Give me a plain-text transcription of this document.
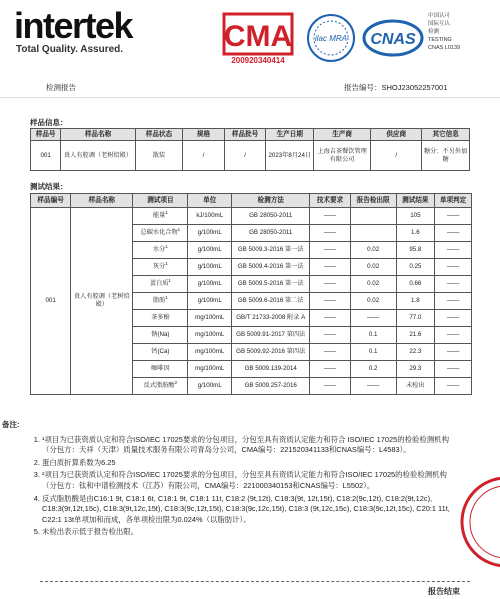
intertek
Total Quality. Assured.	CMA
200920340414
ilac MRA CNAS
中国认可
国际互认
检测
TESTING
CNAS L0139
检测报告	报告编号：SHOJ23052257001
样品信息：
样品号	样品名称	样品状态	规格	样品批号	生产日期	生产商	供应商	其它信息
001	贵人有腔调（老树焙殿）	散装	/	/	2023年8月24日	上海吉茶餐饮管理有限公司	/	糖分：不另外加糖
测试结果：
样品编号	样品名称	测试项目	单位	检测方法	技术要求	报告检出限	测试结果	单项判定
001	贵人有腔调（老树焙殿）	能量$^1$	kJ/100mL	GB 28050-2011	——		105	——
		总碳水化合物$^1$	g/100mL	GB 28050-2011	——		1.6	——
		水分$^1$	g/100mL	GB 5009.3-2016 第一法	——	0.02	95.8	——
		灰分$^1$	g/100mL	GB 5009.4-2016 第一法	——	0.02	0.25	——
		蛋白质$^1$	g/100mL	GB 5009.5-2016 第一法	——	0.02	0.66	——
		脂肪$^1$	g/100mL	GB 5009.6-2016 第二法	——	0.02	1.8	——
		茶多酚	mg/100mL	GB/T 21733-2008 附录 A	——	——	77.0	——
		钠(Na)	mg/100mL	GB 5009.91-2017 第四法	——	0.1	21.6	——
		钙(Ca)	mg/100mL	GB 5009.92-2016 第四法	——	0.1	22.3	——
		咖啡因	mg/100mL	GB 5009.139-2014	——	0.2	29.3	——
		反式脂肪酸$^2$	g/100mL	GB 5009.257-2016	——	——	未检出	——
备注:
1. ¹项目为已获资质认定和符合ISO/IEC 17025要求的分包项目，分包至具有资质认定能力和符合 ISO/IEC 17025的检验检测机构（分包方：天祥（天津）质量技术服务有限公司青岛分公司，CMA编号：221520341133和CNAS编号：L4583）。
2. 蛋白质折算系数为6.25
3. ²项目为已获资质认定和符合ISO/IEC 17025要求的分包项目，分包至具有资质认定能力和符合ISO/IEC 17025的检验检测机构（分包方：钛和中谱检测技术（江苏）有限公司，CMA编号：221000340153和CNAS编号：L5502）。
4. 反式脂肪酸是由C16:1 9t, C18:1 6t, C18:1 9t, C18:1 11t, C18:2 (9t,12t), C18:3(9t, 12t,15t), C18:2(9c,12t), C18:2(9t,12c), C18:3(9t,12t,15c), C18:3(9t,12c,15t), C18:3(9c,12t,15t), C18:3(9c,12c,15t), C18:3 (9t,12c,15c), C18:3(9c,12t,15c), C20:1 11t, C22:1 13t单项加和而成，各单项检出限为0.024%（以脂肪计）。
5. 未检出表示低于报告检出限。
报告结束
